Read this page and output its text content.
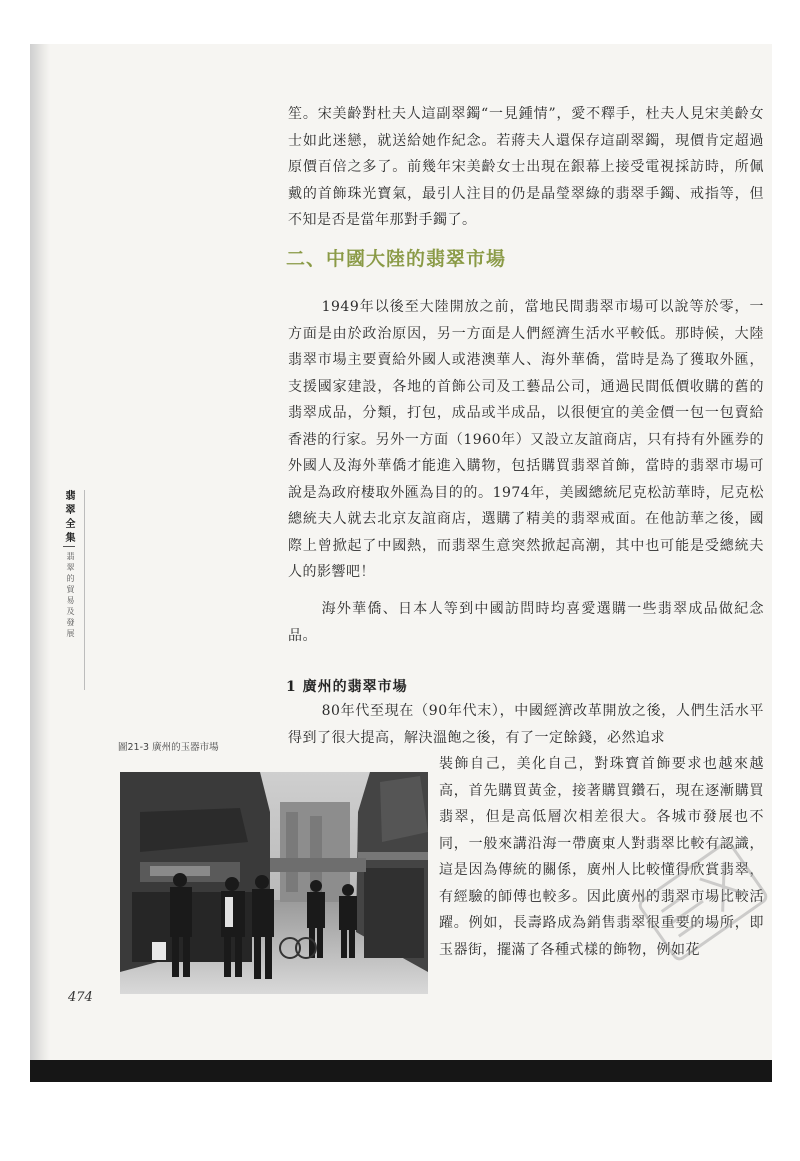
笙。宋美齡對杜夫人這副翠鐲“一見鍾情”，愛不釋手，杜夫人見宋美齡女士如此迷戀，就送給她作紀念。若蔣夫人還保存這副翠鐲，現價肯定超過原價百倍之多了。前幾年宋美齡女士出現在銀幕上接受電視採訪時，所佩戴的首飾珠光寶氣，最引人注目的仍是晶瑩翠綠的翡翠手鐲、戒指等，但不知是否是當年那對手鐲了。

二、中國大陸的翡翠市場

1949年以後至大陸開放之前，當地民間翡翠市場可以說等於零，一方面是由於政治原因，另一方面是人們經濟生活水平較低。那時候，大陸翡翠市場主要賣給外國人或港澳華人、海外華僑，當時是為了獲取外匯，支援國家建設，各地的首飾公司及工藝品公司，通過民間低價收購的舊的翡翠成品，分類，打包，成品或半成品，以很便宜的美金價一包一包賣給香港的行家。另外一方面（1960年）又設立友誼商店，只有持有外匯券的外國人及海外華僑才能進入購物，包括購買翡翠首飾，當時的翡翠市場可說是為政府棲取外匯為目的的。1974年，美國總統尼克松訪華時，尼克松總統夫人就去北京友誼商店，選購了精美的翡翠戒面。在他訪華之後，國際上曾掀起了中國熱，而翡翠生意突然掀起高潮，其中也可能是受總統夫人的影響吧！

海外華僑、日本人等到中國訪問時均喜愛選購一些翡翠成品做紀念品。

1 廣州的翡翠市場

80年代至現在（90年代末），中國經濟改革開放之後，人們生活水平得到了很大提高，解決溫飽之後，有了一定餘錢，必然追求

裝飾自己，美化自己，對珠寶首飾要求也越來越高，首先購買黃金，接著購買鑽石，現在逐漸購買翡翠，但是高低層次相差很大。各城市發展也不同，一般來講沿海一帶廣東人對翡翠比較有認識，這是因為傳統的關係，廣州人比較懂得欣賞翡翠，有經驗的師傅也較多。因此廣州的翡翠市場比較活躍。例如，長壽路成為銷售翡翠很重要的場所，即玉器街，擺滿了各種式樣的飾物，例如花

圖21-3 廣州的玉器市場

翡翠全集
翡翠的貿易及發展

474
